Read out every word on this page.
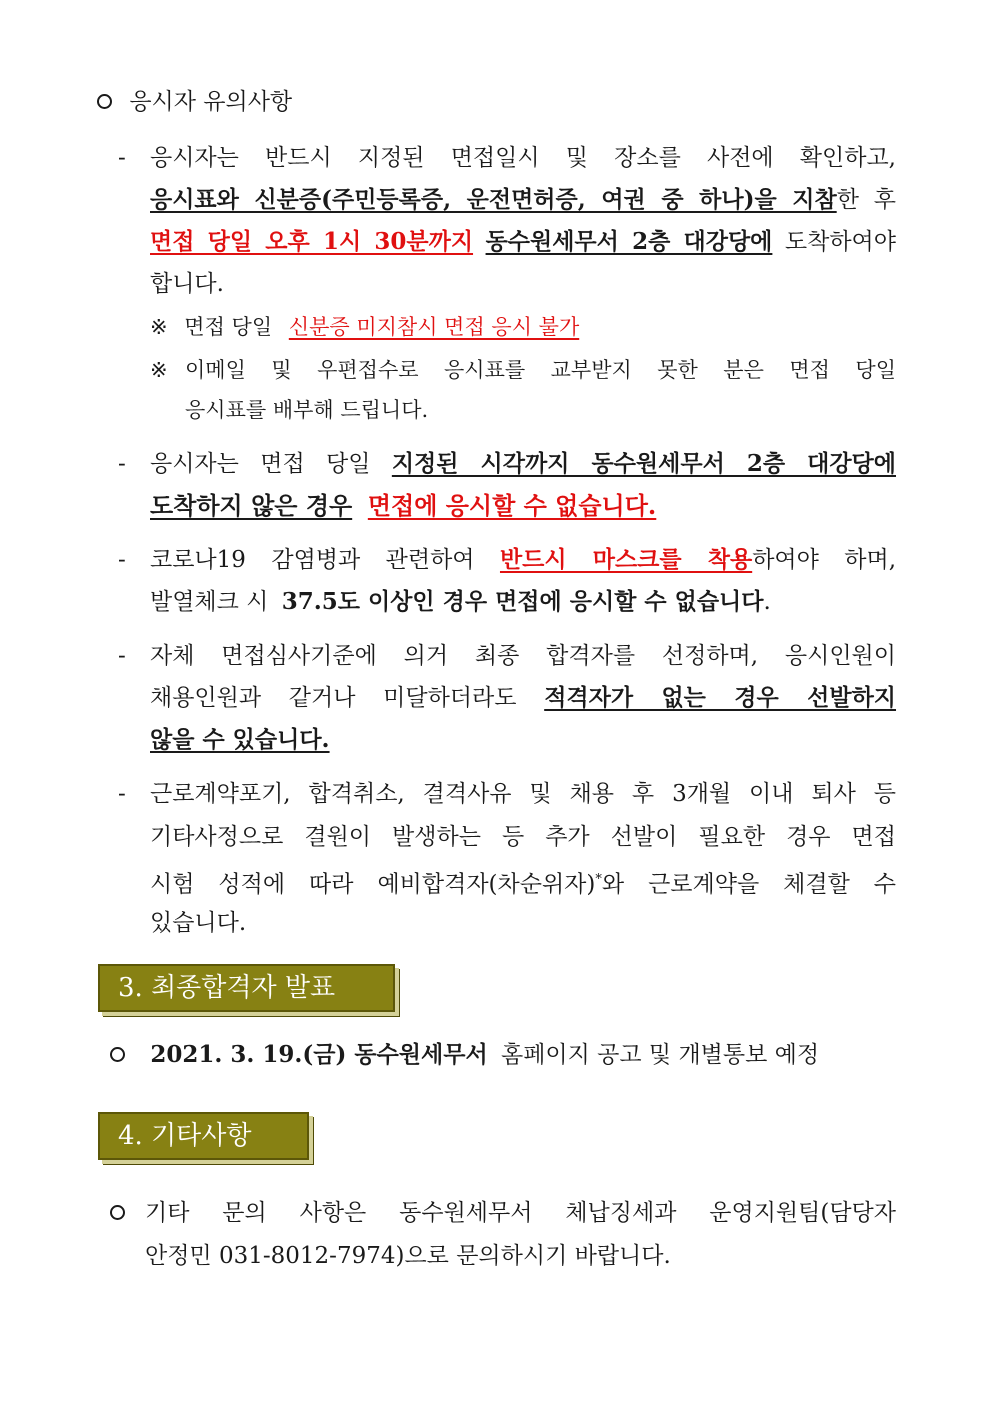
응시자 유의사항
- 응시자는 반드시 지정된 면접일시 및 장소를 사전에 확인하고,
응시표와 신분증(주민등록증, 운전면허증, 여권 중 하나)을 지참한 후
면접 당일 오후 1시 30분까지 동수원세무서 2층 대강당에 도착하여야
합니다.
※ 면접 당일 신분증 미지참시 면접 응시 불가
※ 이메일 및 우편접수로 응시표를 교부받지 못한 분은 면접 당일
응시표를 배부해 드립니다.
- 응시자는 면접 당일 지정된 시각까지 동수원세무서 2층 대강당에
도착하지 않은 경우 면접에 응시할 수 없습니다.
- 코로나19 감염병과 관련하여 반드시 마스크를 착용하여야 하며,
발열체크 시 37.5도 이상인 경우 면접에 응시할 수 없습니다.
- 자체 면접심사기준에 의거 최종 합격자를 선정하며, 응시인원이
채용인원과 같거나 미달하더라도 적격자가 없는 경우 선발하지
않을 수 있습니다.
- 근로계약포기, 합격취소, 결격사유 및 채용 후 3개월 이내 퇴사 등
기타사정으로 결원이 발생하는 등 추가 선발이 필요한 경우 면접
시험 성적에 따라 예비합격자(차순위자)*와 근로계약을 체결할 수
있습니다.
3. 최종합격자 발표
2021. 3. 19.(금) 동수원세무서 홈페이지 공고 및 개별통보 예정
4. 기타사항
기타 문의 사항은 동수원세무서 체납징세과 운영지원팀(담당자
안정민 031-8012-7974)으로 문의하시기 바랍니다.
